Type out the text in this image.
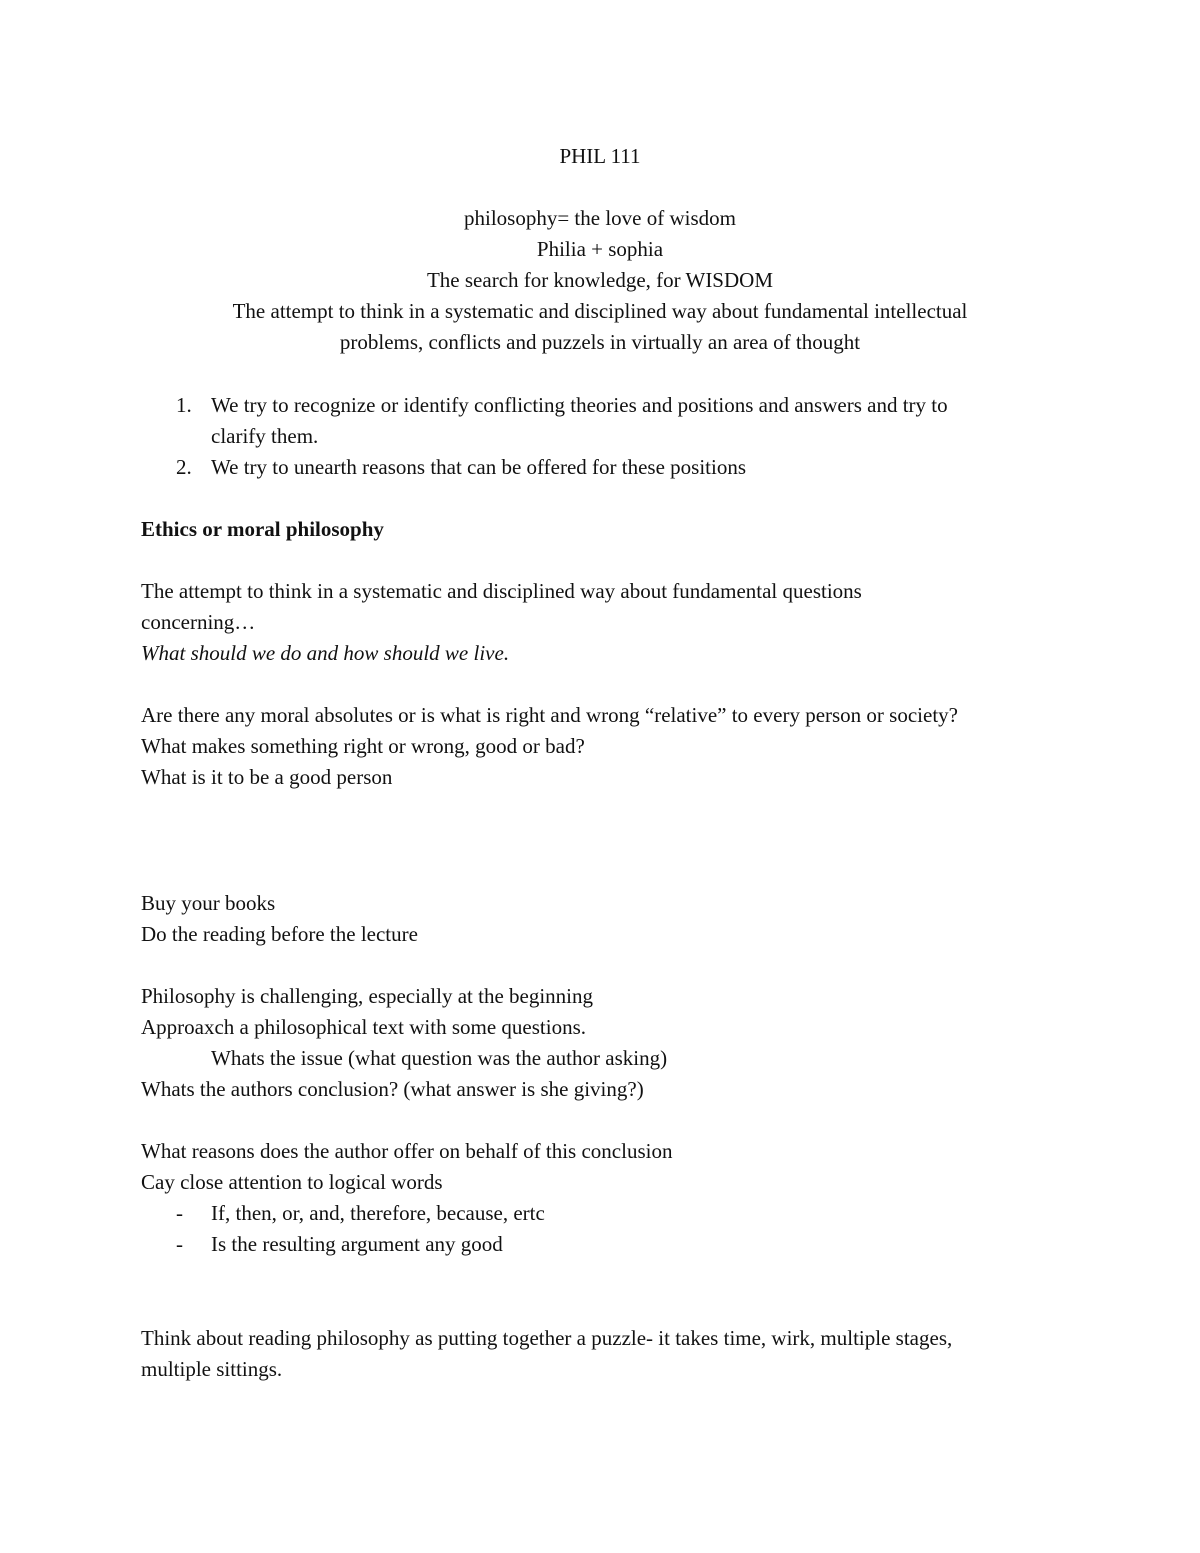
PHIL 111
philosophy= the love of wisdom
Philia + sophia
The search for knowledge, for WISDOM
The attempt to think in a systematic and disciplined way about fundamental intellectual
problems, conflicts and puzzels in virtually an area of thought
1. We try to recognize or identify conflicting theories and positions and answers and try to
clarify them.
2. We try to unearth reasons that can be offered for these positions
Ethics or moral philosophy
The attempt to think in a systematic and disciplined way about fundamental questions
concerning…
What should we do and how should we live.
Are there any moral absolutes or is what is right and wrong “relative” to every person or society?
What makes something right or wrong, good or bad?
What is it to be a good person
Buy your books
Do the reading before the lecture
Philosophy is challenging, especially at the beginning
Approaxch a philosophical text with some questions.
Whats the issue (what question was the author asking)
Whats the authors conclusion? (what answer is she giving?)
What reasons does the author offer on behalf of this conclusion
Cay close attention to logical words
- If, then, or, and, therefore, because, ertc
- Is the resulting argument any good
Think about reading philosophy as putting together a puzzle- it takes time, wirk, multiple stages,
multiple sittings.
